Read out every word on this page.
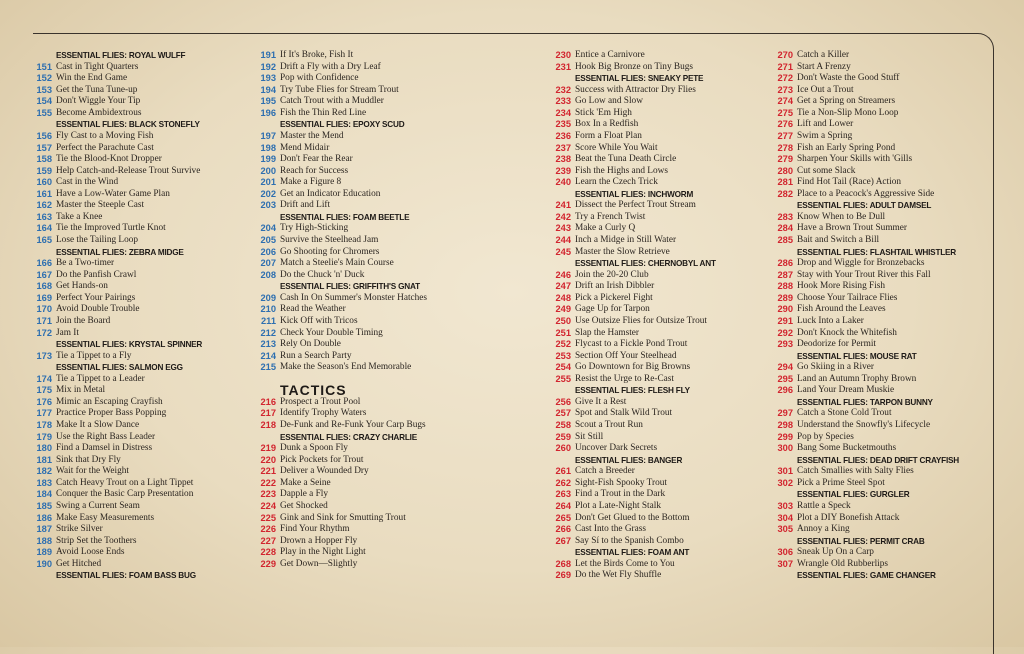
ESSENTIAL FLIES: ROYAL WULFF
151 Cast in Tight Quarters
152 Win the End Game
153 Get the Tuna Tune-up
154 Don't Wiggle Your Tip
155 Become Ambidextrous
ESSENTIAL FLIES: BLACK STONEFLY
156 Fly Cast to a Moving Fish
157 Perfect the Parachute Cast
158 Tie the Blood-Knot Dropper
159 Help Catch-and-Release Trout Survive
160 Cast in the Wind
161 Have a Low-Water Game Plan
162 Master the Steeple Cast
163 Take a Knee
164 Tie the Improved Turtle Knot
165 Lose the Tailing Loop
ESSENTIAL FLIES: ZEBRA MIDGE
166 Be a Two-timer
167 Do the Panfish Crawl
168 Get Hands-on
169 Perfect Your Pairings
170 Avoid Double Trouble
171 Join the Board
172 Jam It
ESSENTIAL FLIES: KRYSTAL SPINNER
173 Tie a Tippet to a Fly
ESSENTIAL FLIES: SALMON EGG
174 Tie a Tippet to a Leader
175 Mix in Metal
176 Mimic an Escaping Crayfish
177 Practice Proper Bass Popping
178 Make It a Slow Dance
179 Use the Right Bass Leader
180 Find a Damsel in Distress
181 Sink that Dry Fly
182 Wait for the Weight
183 Catch Heavy Trout on a Light Tippet
184 Conquer the Basic Carp Presentation
185 Swing a Current Seam
186 Make Easy Measurements
187 Strike Silver
188 Strip Set the Toothers
189 Avoid Loose Ends
190 Get Hitched
ESSENTIAL FLIES: FOAM BASS BUG
191 If It's Broke, Fish It
192 Drift a Fly with a Dry Leaf
193 Pop with Confidence
194 Try Tube Flies for Stream Trout
195 Catch Trout with a Muddler
196 Fish the Thin Red Line
ESSENTIAL FLIES: EPOXY SCUD
197 Master the Mend
198 Mend Midair
199 Don't Fear the Rear
200 Reach for Success
201 Make a Figure 8
202 Get an Indicator Education
203 Drift and Lift
ESSENTIAL FLIES: FOAM BEETLE
204 Try High-Sticking
205 Survive the Steelhead Jam
206 Go Shooting for Chromers
207 Match a Steelie's Main Course
208 Do the Chuck 'n' Duck
ESSENTIAL FLIES: GRIFFITH'S GNAT
209 Cash In On Summer's Monster Hatches
210 Read the Weather
211 Kick Off with Tricos
212 Check Your Double Timing
213 Rely On Double
214 Run a Search Party
215 Make the Season's End Memorable
TACTICS
216 Prospect a Trout Pool
217 Identify Trophy Waters
218 De-Funk and Re-Funk Your Carp Bugs
ESSENTIAL FLIES: CRAZY CHARLIE
219 Dunk a Spoon Fly
220 Pick Pockets for Trout
221 Deliver a Wounded Dry
222 Make a Seine
223 Dapple a Fly
224 Get Shocked
225 Gink and Sink for Smutting Trout
226 Find Your Rhythm
227 Drown a Hopper Fly
228 Play in the Night Light
229 Get Down—Slightly
230 Entice a Carnivore
231 Hook Big Bronze on Tiny Bugs
ESSENTIAL FLIES: SNEAKY PETE
232 Success with Attractor Dry Flies
233 Go Low and Slow
234 Stick 'Em High
235 Box In a Redfish
236 Form a Float Plan
237 Score While You Wait
238 Beat the Tuna Death Circle
239 Fish the Highs and Lows
240 Learn the Czech Trick
ESSENTIAL FLIES: INCHWORM
241 Dissect the Perfect Trout Stream
242 Try a French Twist
243 Make a Curly Q
244 Inch a Midge in Still Water
245 Master the Slow Retrieve
ESSENTIAL FLIES: CHERNOBYL ANT
246 Join the 20-20 Club
247 Drift an Irish Dibbler
248 Pick a Pickerel Fight
249 Gage Up for Tarpon
250 Use Outsize Flies for Outsize Trout
251 Slap the Hamster
252 Flycast to a Fickle Pond Trout
253 Section Off Your Steelhead
254 Go Downtown for Big Browns
255 Resist the Urge to Re-Cast
ESSENTIAL FLIES: FLESH FLY
256 Give It a Rest
257 Spot and Stalk Wild Trout
258 Scout a Trout Run
259 Sit Still
260 Uncover Dark Secrets
ESSENTIAL FLIES: BANGER
261 Catch a Breeder
262 Sight-Fish Spooky Trout
263 Find a Trout in the Dark
264 Plot a Late-Night Stalk
265 Don't Get Glued to the Bottom
266 Cast Into the Grass
267 Say Sí to the Spanish Combo
ESSENTIAL FLIES: FOAM ANT
268 Let the Birds Come to You
269 Do the Wet Fly Shuffle
270 Catch a Killer
271 Start A Frenzy
272 Don't Waste the Good Stuff
273 Ice Out a Trout
274 Get a Spring on Streamers
275 Tie a Non-Slip Mono Loop
276 Lift and Lower
277 Swim a Spring
278 Fish an Early Spring Pond
279 Sharpen Your Skills with 'Gills
280 Cut some Slack
281 Find Hot Tail (Race) Action
282 Place to a Peacock's Aggressive Side
ESSENTIAL FLIES: ADULT DAMSEL
283 Know When to Be Dull
284 Have a Brown Trout Summer
285 Bait and Switch a Bill
ESSENTIAL FLIES: FLASHTAIL WHISTLER
286 Drop and Wiggle for Bronzebacks
287 Stay with Your Trout River this Fall
288 Hook More Rising Fish
289 Choose Your Tailrace Flies
290 Fish Around the Leaves
291 Luck Into a Laker
292 Don't Knock the Whitefish
293 Deodorize for Permit
ESSENTIAL FLIES: MOUSE RAT
294 Go Skiing in a River
295 Land an Autumn Trophy Brown
296 Land Your Dream Muskie
ESSENTIAL FLIES: TARPON BUNNY
297 Catch a Stone Cold Trout
298 Understand the Snowfly's Lifecycle
299 Pop by Species
300 Bang Some Bucketmouths
ESSENTIAL FLIES: DEAD DRIFT CRAYFISH
301 Catch Smallies with Salty Flies
302 Pick a Prime Steel Spot
ESSENTIAL FLIES: GURGLER
303 Rattle a Speck
304 Plot a DIY Bonefish Attack
305 Annoy a King
ESSENTIAL FLIES: PERMIT CRAB
306 Sneak Up On a Carp
307 Wrangle Old Rubberlips
ESSENTIAL FLIES: GAME CHANGER
